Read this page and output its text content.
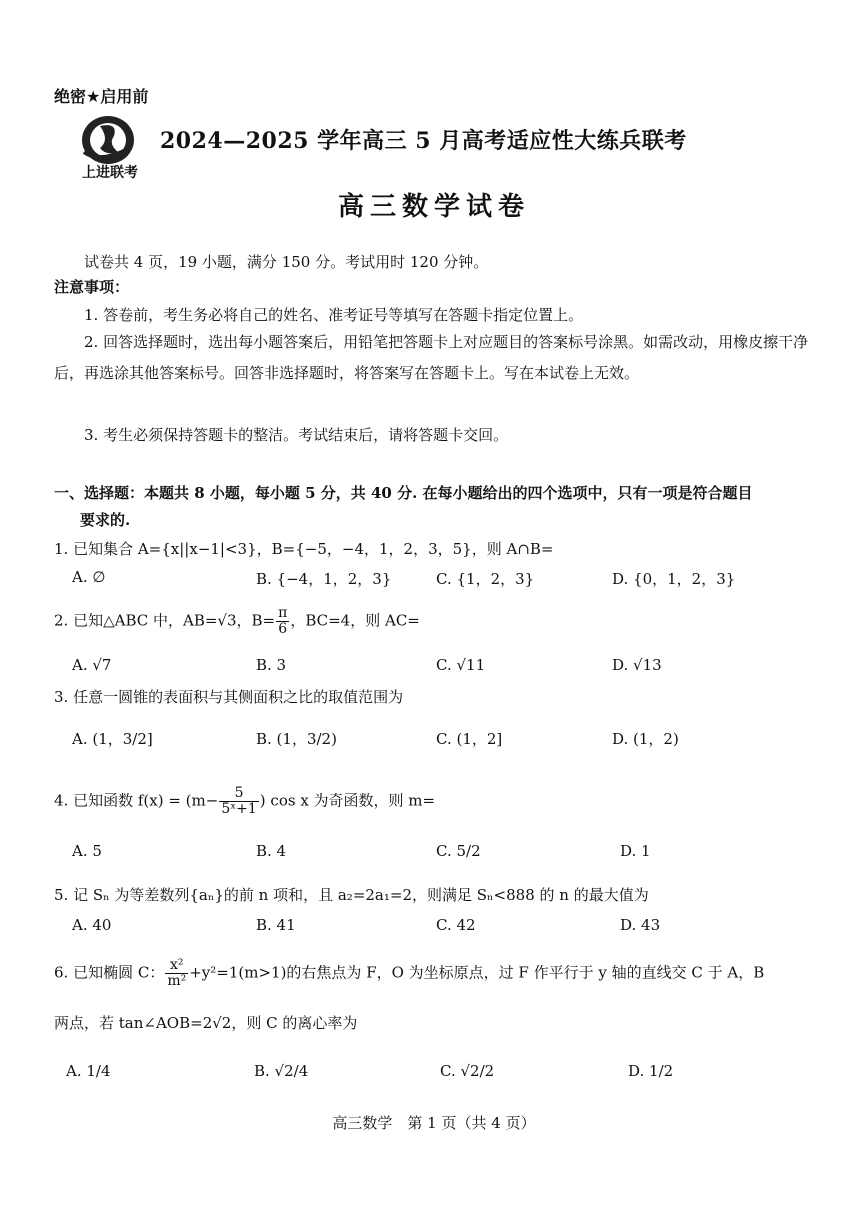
绝密★启用前
上进联考
2024—2025 学年高三 5 月高考适应性大练兵联考
高三数学试卷
试卷共 4 页，19 小题，满分 150 分。考试用时 120 分钟。
注意事项：
1. 答卷前，考生务必将自己的姓名、准考证号等填写在答题卡指定位置上。
2. 回答选择题时，选出每小题答案后，用铅笔把答题卡上对应题目的答案标号涂黑。如需改动，用橡皮擦干净后，再选涂其他答案标号。回答非选择题时，将答案写在答题卡上。写在本试卷上无效。
3. 考生必须保持答题卡的整洁。考试结束后，请将答题卡交回。
一、选择题：本题共 8 小题，每小题 5 分，共 40 分. 在每小题给出的四个选项中，只有一项是符合题目
要求的.
1. 已知集合 A={x||x−1|<3}，B={−5，−4，1，2，3，5}，则 A∩B=
A. ∅	B. {−4，1，2，3}	C. {1，2，3}	D. {0，1，2，3}
2. 已知△ABC 中，AB=√3，$B= \frac{\pi}{6}$ ，BC=4，则 AC=
A. √7	B. 3	C. √11	D. √13
3. 任意一圆锥的表面积与其侧面积之比的取值范围为
A. (1，3/2]	B. (1，3/2)	C. (1，2]	D. (1，2)
4. 已知函数 $f(x) = (m- \frac{5}{\text{5ˣ+1}}$ ) cos x 为奇函数，则 m=
A. 5	B. 4	C. 5/2	D. 1
5. 记 Sₙ 为等差数列{aₙ}的前 n 项和，且 a₂=2a₁=2，则满足 Sₙ<888 的 n 的最大值为
A. 40	B. 41	C. 42	D. 43
6. 已知椭圆 C： $\frac{\text{x²}}{\text{m²}} +y^2=1(m>1)$的右焦点为 F，O 为坐标原点，过 F 作平行于 y 轴的直线交 C 于 A，B
两点，若 tan∠AOB=2√2，则 C 的离心率为
A. 1/4	B. √2/4	C. √2/2	D. 1/2
高三数学　第 1 页（共 4 页）
